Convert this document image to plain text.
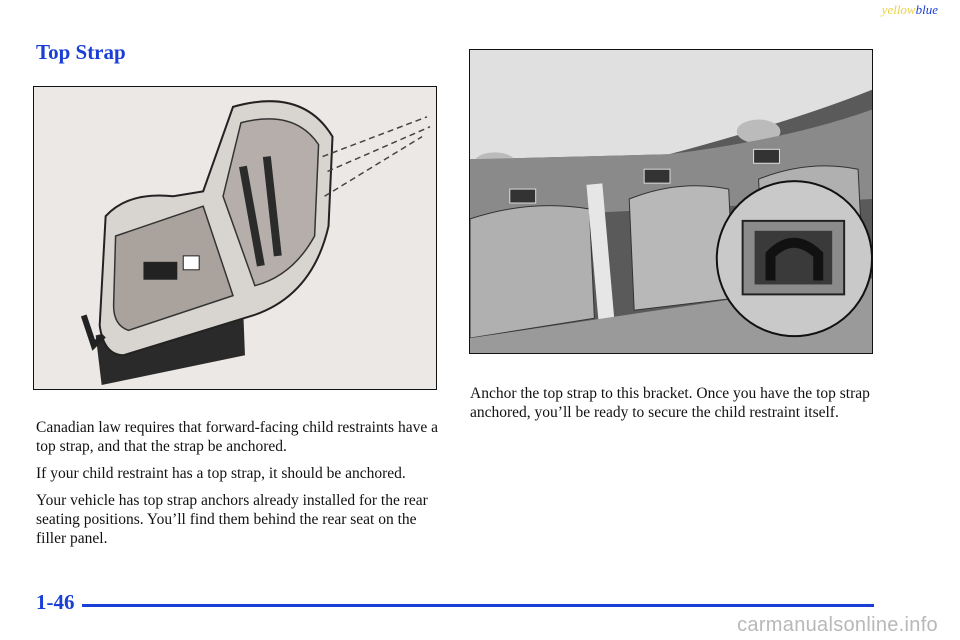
yellowblue
Top Strap

Canadian law requires that forward-facing child restraints have a top strap, and that the strap be anchored.

If your child restraint has a top strap, it should be anchored.

Your vehicle has top strap anchors already installed for the rear seating positions. You’ll find them behind the rear seat on the filler panel.

Anchor the top strap to this bracket. Once you have the top strap anchored, you’ll be ready to secure the child restraint itself.

1-46
carmanualsonline.info
